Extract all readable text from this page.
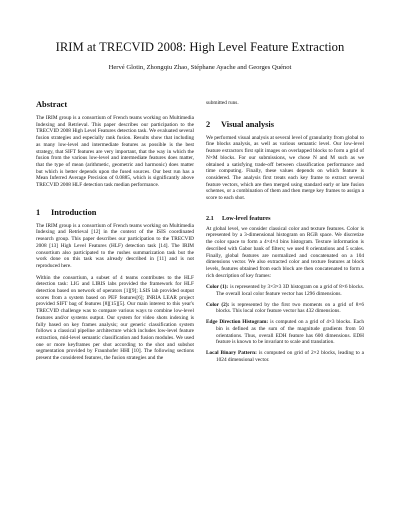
IRIM at TRECVID 2008: High Level Feature Extraction
Hervé Glotin, Zhongqiu Zhao, Stéphane Ayache and Georges Quénot
Abstract

The IRIM group is a consortium of French teams working on Multimedia Indexing and Retrieval. This paper describes our participation to the TRECVID 2008 High Level Features detection task. We evaluated several fusion strategies and especially rank fusion. Results show that including as many low-level and intermediate features as possible is the best strategy, that SIFT features are very important, that the way in which the fusion from the various low-level and intermediate features does matter, that the type of mean (arithmetic, geometric and harmonic) does matter but which is better depends upon the fused sources. Our best run has a Mean Inferred Average Precision of 0.0885, which is significantly above TRECVID 2008 HLF detection task median performance.

1 Introduction

The IRIM group is a consortium of French teams working on Multimedia Indexing and Retrieval [12] in the context of the ISIS coordinated research group. This paper describes our participation to the TRECVID 2008 [13] High Level Features (HLF) detection task [14]. The IRIM consortium also participated to the rushes summarization task but the work done on this task was already described in [11] and is not reproduced here.

Within the consortium, a subset of 4 teams contributes to the HLF detection task: LIG and LIRIS labs provided the framework for HLF detection based on network of operators [1][9]; LSIS lab provided output scores from a system based on PEF features[6]; INRIA LEAR project provided SIFT bag of features [8][15][5]. Our main interest to this year's TRECVID challenge was to compare various ways to combine low-level features and/or systems output. Our system for video shots indexing is fully based on key frames analysis; our generic classification system follows a classical pipeline architecture which includes low-level feature extraction, mid-level semantic classification and fusion modules. We used one or more keyframes per shot according to the shot and subshot segmentation provided by Fraunhofer HHI [10]. The following sections present the considered features, the fusion strategies and the

submitted runs.

2 Visual analysis

We performed visual analysis at several level of granularity from global to fine blocks analysis, as well as various semantic level. Our low-level feature extractors first split images on overlapped blocks to form a grid of N×M blocks. For our submissions, we chose N and M such as we obtained a satisfying trade-off between classification performance and time computing. Finally, these values depends on which feature is considered. The analysis first treats each key frame to extract several feature vectors, which are then merged using standard early or late fusion schemes, or a combination of them and then merge key frames to assign a score to each shot.

2.1 Low-level features

At global level, we consider classical color and texture features. Color is represented by a 3-dimensional histogram on RGB space. We discretize the color space to form a 4×4×4 bins histogram. Texture information is described with Gabor bank of filters; we used 8 orientations and 5 scales. Finally, global features are normalized and concatenated on a 104 dimensions vector. We also extracted color and texture features at block levels, features obtained from each block are then concatenated to form a rich description of key frames:

Color (1): is represented by 3×3×3 3D histogram on a grid of 8×6 blocks. The overall local color feature vector has 1296 dimensions.
Color (2): is represented by the first two moments on a grid of 8×6 blocks. This local color feature vector has 432 dimensions.
Edge Direction Histogram: is computed on a grid of 4×3 blocks. Each bin is defined as the sum of the magnitude gradients from 50 orientations. Thus, overall EDH feature has 600 dimensions. EDH feature is known to be invariant to scale and translation.
Local Binary Pattern: is computed on grid of 2×2 blocks, leading to a 1024 dimensional vector.
